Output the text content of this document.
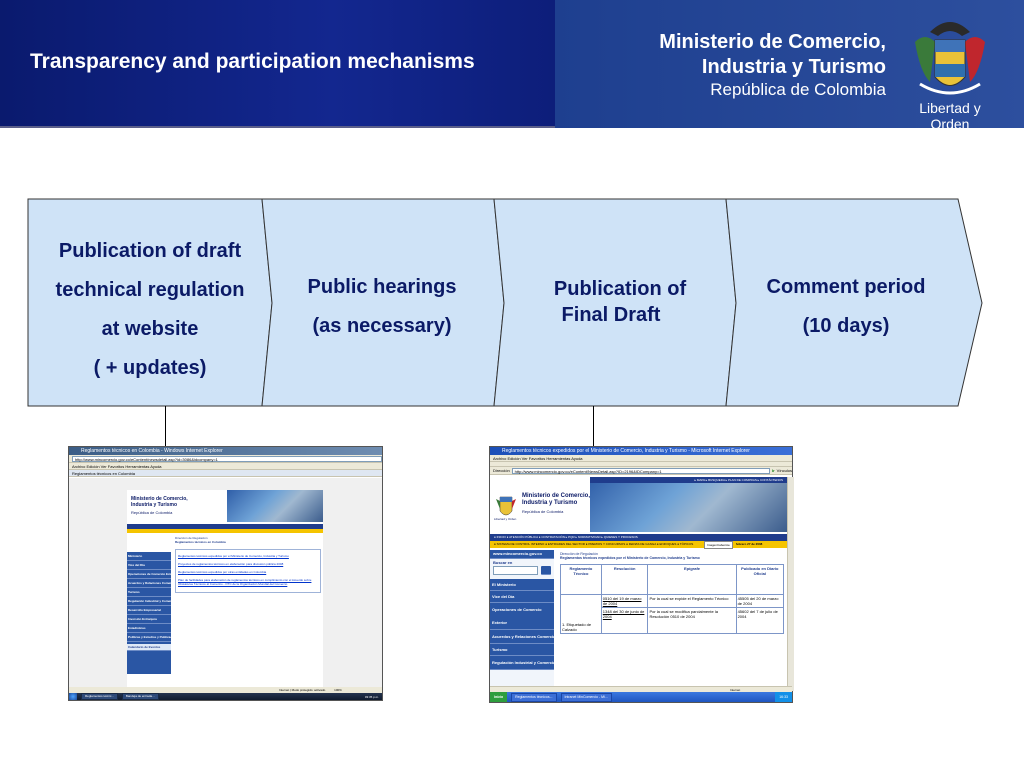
Transparency and participation mechanisms
Ministerio de Comercio,
Industria y Turismo
República de Colombia
Libertad y Orden
Publication of draft
technical regulation
at website
( + updates)
Public hearings
(as necessary)
Publication of
Final Draft
Comment period
(10 days)
Reglamentos técnicos en Colombia - Windows Internet Explorer
http://www.mincomercio.gov.co/eContent/newsdetail.asp?id=3086&idcompany=1
Archivo Edición Ver Favoritos Herramientas Ayuda
Reglamentos técnicos en Colombia
Ministerio de Comercio, Industria y Turismo
República de Colombia
Ministerio
Vice del Día
Operaciones de Comercio Exterior
Acuerdos y Relaciones Comerciales
Turismo
Regulación Industrial y Comercial
Desarrollo Empresarial
Inversión Extranjera
Estadísticas
Políticas y Estudios y Publicaciones
Calendario de Eventos
Dirección de Regulación
Reglamentos técnicos en Colombia
Reglamentos técnicos expedidos por el Ministerio de Comercio, Industria y Turismo
Proyectos de reglamentos técnicos en elaboración para discusión pública 2008
Reglamentos técnicos expedidos por otras entidades en Colombia
Plan de facilidades para elaboración de reglamentos técnicos en cumplimiento con el Acuerdo sobre Obstáculos Técnicos al Comercio - OTC de la Organización Mundial del Comercio
Internet | Modo protegido: activado	100%
Reglamentos técnic...	Bandeja de entrada...	03:35 p.m.
Reglamentos técnicos expedidos por el Ministerio de Comercio, Industria y Turismo - Microsoft Internet Explorer
Archivo Edición Ver Favoritos Herramientas Ayuda
Dirección	http://www.mincomercio.gov.co/eContent/NewsDetail.asp?ID=2196&IDCompany=1	Ir Vínculos
▸ MAPA ▸ BUSQUEDA ▸ PLAN DE COMPRAS ▸ CONTÁCTENOS
Libertad y Orden
Ministerio de Comercio,
Industria y Turismo
República de Colombia
● INICIO ● ATENCIÓN PÚBLICA ● CONTRATACIÓN ▸ PQR ▸ NORMATIVIDAD ▸ QUIENES Y PROCESOS
● SISTEMA DE CONTROL INTERNO ● ENTIDADES DEL SECTOR ● PREMIOS Y CONCURSOS ● FERIAS DE GANGA ● ENFOQUES ● TÓPICOS	ImagenCabezote	febrero 27 de 2008
www.mincomercio.gov.co
Buscar en
El Ministerio
Vice del Día
Operaciones de Comercio Exterior
Acuerdos y Relaciones Comerciales
Turismo
Regulación Industrial y Comercial
Dirección de Regulación
Reglamentos técnicos expedidos por el Ministerio de Comercio, Industria y Turismo
Reglamento Técnico	Resolución	Epígrafe	Publicado en Diario Oficial

1. Etiquetado de Calzado	0510 del 19 de marzo de 2004	Por la cual se expide el Reglamento Técnico	45505 del 20 de marzo de 2004
	1348 del 30 de junio de 2004	Por la cual se modifica parcialmente la Resolución 0510 de 2004	45602 del 7 de julio de 2004
Internet
Inicio	Reglamentos técnicos...	Intranet MinComercio - Mi...	16:33
